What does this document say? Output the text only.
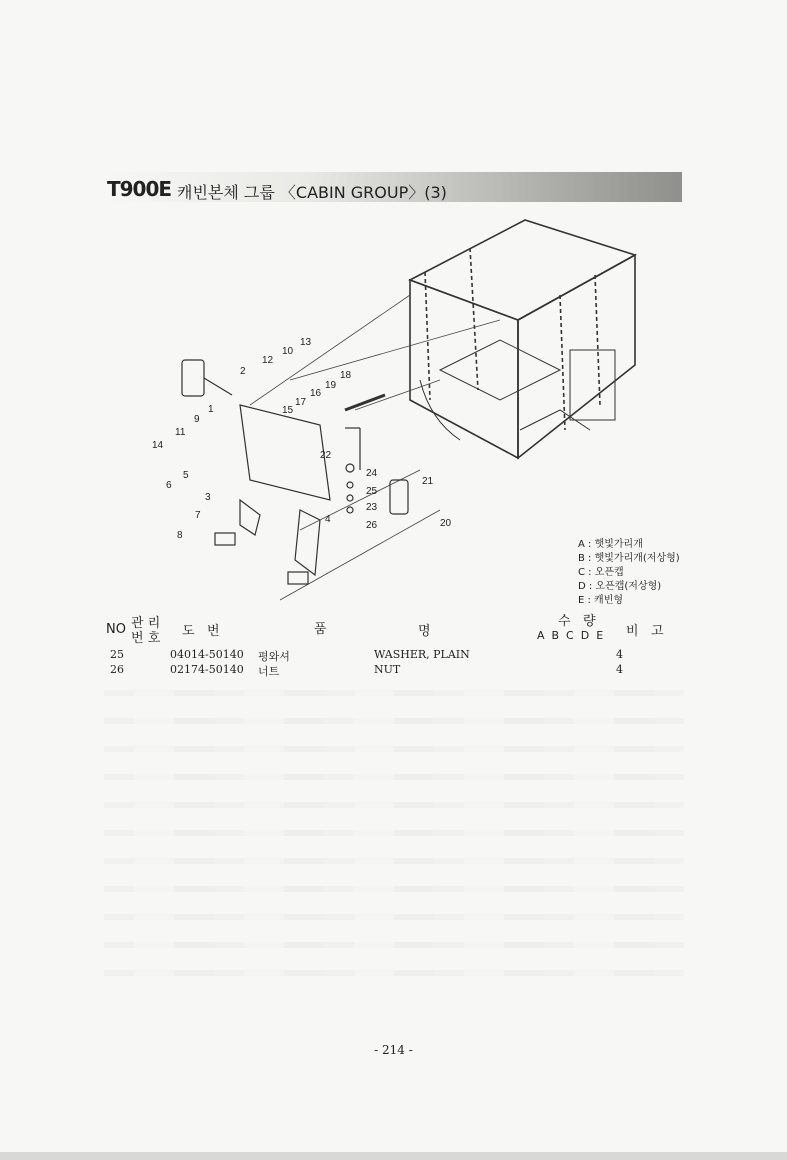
T900E 캐빈본체 그룹 〈CABIN GROUP〉(3)
13
10
12
2
1
9
11
14
6
5
3
7
8
18
19
16
17
15
22
4
24
25
23
26
21
20
A : 햇빛가리개
B : 햇빛가리개(저상형)
C : 오픈캡
D : 오픈캡(저상형)
E : 캐빈형
NO 관 리
번 호 도   번	품	명
수   량
A  B  C  D  E 비   고
25	04014-50140 평와셔	WASHER, PLAIN	4
26	02174-50140 너트	NUT	4
- 214 -
